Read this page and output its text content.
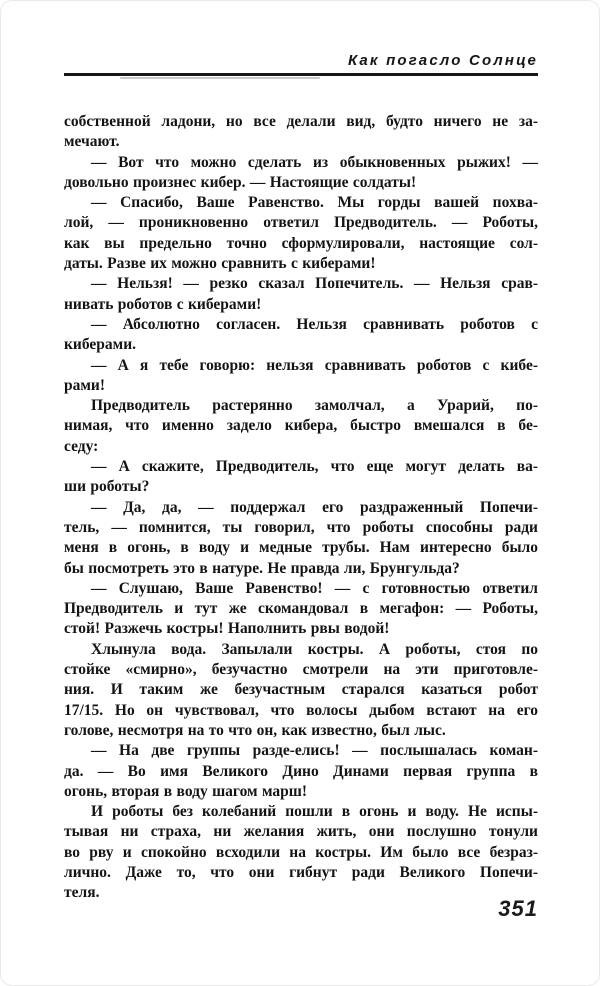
Как погасло Солнце
собственной ладони, но все делали вид, будто ничего не за-
мечают.
— Вот что можно сделать из обыкновенных рыжих! —
довольно произнес кибер. — Настоящие солдаты!
— Спасибо, Ваше Равенство. Мы горды вашей похва-
лой, — проникновенно ответил Предводитель. — Роботы,
как вы предельно точно сформулировали, настоящие сол-
даты. Разве их можно сравнить с киберами!
— Нельзя! — резко сказал Попечитель. — Нельзя срав-
нивать роботов с киберами!
— Абсолютно согласен. Нельзя сравнивать роботов с
киберами.
— А я тебе говорю: нельзя сравнивать роботов с кибе-
рами!
Предводитель растерянно замолчал, а Урарий, по-
нимая, что именно задело кибера, быстро вмешался в бе-
седу:
— А скажите, Предводитель, что еще могут делать ва-
ши роботы?
— Да, да, — поддержал его раздраженный Попечи-
тель, — помнится, ты говорил, что роботы способны ради
меня в огонь, в воду и медные трубы. Нам интересно было
бы посмотреть это в натуре. Не правда ли, Брунгульда?
— Слушаю, Ваше Равенство! — с готовностью ответил
Предводитель и тут же скомандовал в мегафон: — Роботы,
стой! Разжечь костры! Наполнить рвы водой!
Хлынула вода. Запылали костры. А роботы, стоя по
стойке «смирно», безучастно смотрели на эти приготовле-
ния. И таким же безучастным старался казаться робот
17/15. Но он чувствовал, что волосы дыбом встают на его
голове, несмотря на то что он, как известно, был лыс.
— На две группы разде-елись! — послышалась коман-
да. — Во имя Великого Дино Динами первая группа в
огонь, вторая в воду шагом марш!
И роботы без колебаний пошли в огонь и воду. Не испы-
тывая ни страха, ни желания жить, они послушно тонули
во рву и спокойно всходили на костры. Им было все безраз-
лично. Даже то, что они гибнут ради Великого Попечи-
теля.
351
